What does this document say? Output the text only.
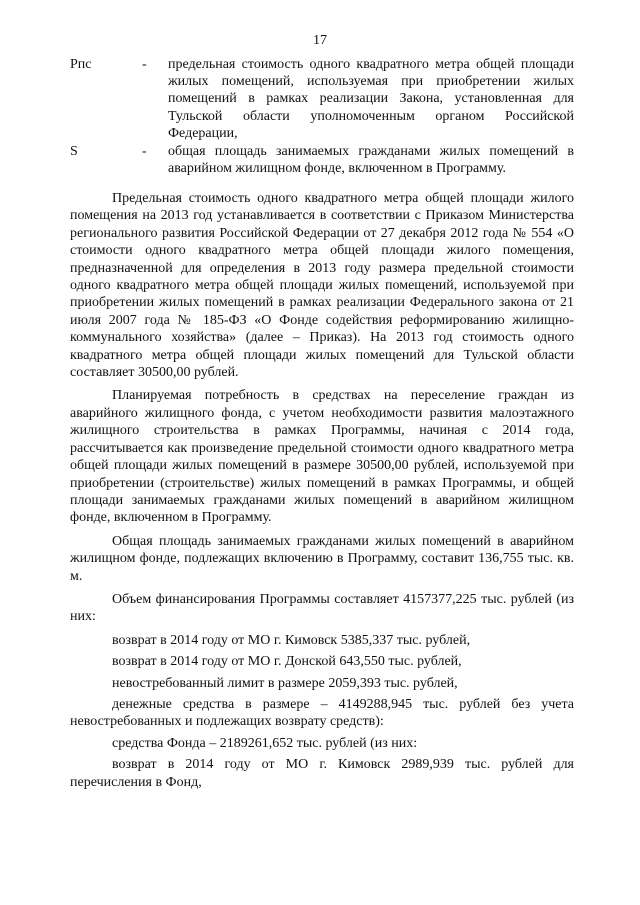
17
Рпс	-	предельная стоимость одного квадратного метра общей площади жилых помещений, используемая при приобретении жилых помещений в рамках реализации Закона, установленная для Тульской области уполномоченным органом Российской Федерации,
S	-	общая площадь занимаемых гражданами жилых помещений в аварийном жилищном фонде, включенном в Программу.

Предельная стоимость одного квадратного метра общей площади жилого помещения на 2013 год устанавливается в соответствии с Приказом Министерства регионального развития Российской Федерации от 27 декабря 2012 года № 554 «О стоимости одного квадратного метра общей площади жилого помещения, предназначенной для определения в 2013 году размера предельной стоимости одного квадратного метра общей площади жилых помещений, используемой при приобретении жилых помещений в рамках реализации Федерального закона от 21 июля 2007 года № 185-ФЗ «О Фонде содействия реформированию жилищно-коммунального хозяйства» (далее – Приказ). На 2013 год стоимость одного квадратного метра общей площади жилых помещений для Тульской области составляет 30500,00 рублей.

Планируемая потребность в средствах на переселение граждан из аварийного жилищного фонда, с учетом необходимости развития малоэтажного жилищного строительства в рамках Программы, начиная с 2014 года, рассчитывается как произведение предельной стоимости одного квадратного метра общей площади жилых помещений в размере 30500,00 рублей, используемой при приобретении (строительстве) жилых помещений в рамках Программы, и общей площади занимаемых гражданами жилых помещений в аварийном жилищном фонде, включенном в Программу.

Общая площадь занимаемых гражданами жилых помещений в аварийном жилищном фонде, подлежащих включению в Программу, составит 136,755 тыс. кв. м.

Объем финансирования Программы составляет 4157377,225 тыс. рублей (из них:

возврат в 2014 году от МО г. Кимовск 5385,337 тыс. рублей,

возврат в 2014 году от МО г. Донской 643,550 тыс. рублей,

невостребованный лимит в размере 2059,393 тыс. рублей,

денежные средства в размере – 4149288,945 тыс. рублей без учета невостребованных и подлежащих возврату средств):

средства Фонда – 2189261,652 тыс. рублей (из них:

возврат в 2014 году от МО г. Кимовск 2989,939 тыс. рублей для перечисления в Фонд,
